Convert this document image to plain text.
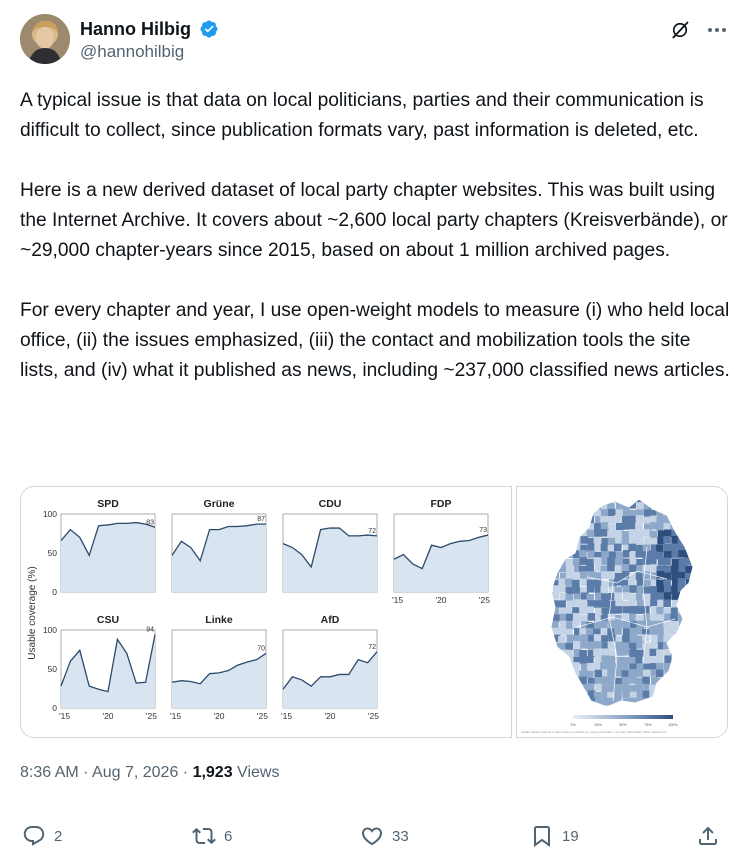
Hanno Hilbig
@hannohilbig

A typical issue is that data on local politicians, parties and their communication is difficult to collect, since publication formats vary, past information is deleted, etc.

Here is a new derived dataset of local party chapter websites. This was built using the Internet Archive. It covers about ~2,600 local party chapters (Kreisverbände), or ~29,000 chapter-years since 2015, based on about 1 million archived pages.

For every chapter and year, I use open-weight models to measure (i) who held local office, (ii) the issues emphasized, (iii) the contact and mobilization tools the site lists, and (iv) what it published as news, including ~237,000 classified news articles.

Usable coverage (%)
SPD
83
0
50
100
Grüne
87
CDU
72
FDP
73
'15	'20	'25
CSU
94
0
50
100
'15	'20	'25
Linke
70
'15	'20	'25
AfD
72
'15	'20	'25
0%	25%	50%	75%	100%
Usable chapter-years as a share of the 11 possible per county (six parties × 11 years). Boundaries: BKG, dl-de/by-2-0
8:36 AM · Aug 7, 2026 · 1,923 Views
2	6	33	19
